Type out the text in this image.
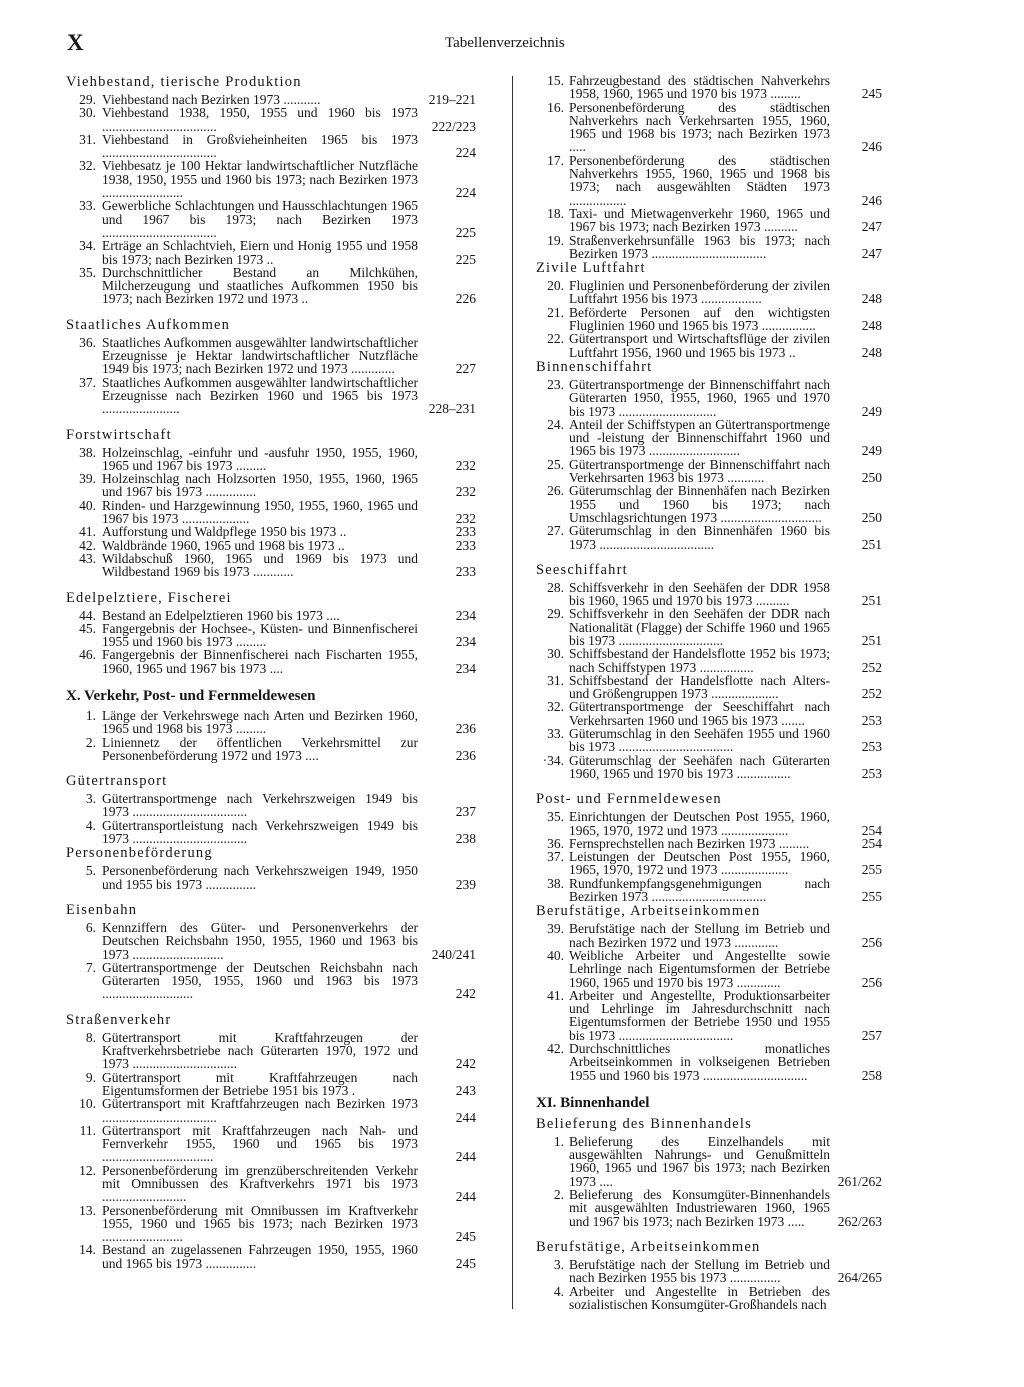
X	Tabellenverzeichnis
Viehbestand, tierische Produktion
29. Viehbestand nach Bezirken 1973 ...........	219–221
30. Viehbestand 1938, 1950, 1955 und 1960 bis 1973 ..................................	222/223
31. Viehbestand in Großvieheinheiten 1965 bis 1973 ..................................	224
32. Viehbesatz je 100 Hektar landwirtschaftlicher Nutzfläche 1938, 1950, 1955 und 1960 bis 1973; nach Bezirken 1973 ........................	224
33. Gewerbliche Schlachtungen und Hausschlachtungen 1965 und 1967 bis 1973; nach Bezirken 1973 ..................................	225
34. Erträge an Schlachtvieh, Eiern und Honig 1955 und 1958 bis 1973; nach Bezirken 1973 ..	225
35. Durchschnittlicher Bestand an Milchkühen, Milcherzeugung und staatliches Aufkommen 1950 bis 1973; nach Bezirken 1972 und 1973 ..	226
Staatliches Aufkommen
36. Staatliches Aufkommen ausgewählter landwirtschaftlicher Erzeugnisse je Hektar landwirtschaftlicher Nutzfläche 1949 bis 1973; nach Bezirken 1972 und 1973 .............	227
37. Staatliches Aufkommen ausgewählter landwirtschaftlicher Erzeugnisse nach Bezirken 1960 und 1965 bis 1973 .......................	228–231
Forstwirtschaft
38. Holzeinschlag, -einfuhr und -ausfuhr 1950, 1955, 1960, 1965 und 1967 bis 1973 .........	232
39. Holzeinschlag nach Holzsorten 1950, 1955, 1960, 1965 und 1967 bis 1973 ...............	232
40. Rinden- und Harzgewinnung 1950, 1955, 1960, 1965 und 1967 bis 1973 ....................	232
41. Aufforstung und Waldpflege 1950 bis 1973 ..	233
42. Waldbrände 1960, 1965 und 1968 bis 1973 ..	233
43. Wildabschuß 1960, 1965 und 1969 bis 1973 und Wildbestand 1969 bis 1973 ............	233
Edelpelztiere, Fischerei
44. Bestand an Edelpelztieren 1960 bis 1973 ....	234
45. Fangergebnis der Hochsee-, Küsten- und Binnenfischerei 1955 und 1960 bis 1973 .........	234
46. Fangergebnis der Binnenfischerei nach Fischarten 1955, 1960, 1965 und 1967 bis 1973 ....	234
X. Verkehr, Post- und Fernmeldewesen
1. Länge der Verkehrswege nach Arten und Bezirken 1960, 1965 und 1968 bis 1973 .........	236
2. Liniennetz der öffentlichen Verkehrsmittel zur Personenbeförderung 1972 und 1973 ....	236
Gütertransport
3. Gütertransportmenge nach Verkehrszweigen 1949 bis 1973 ..................................	237
4. Gütertransportleistung nach Verkehrszweigen 1949 bis 1973 ..................................	238
Personenbeförderung
5. Personenbeförderung nach Verkehrszweigen 1949, 1950 und 1955 bis 1973 ...............	239
Eisenbahn
6. Kennziffern des Güter- und Personenverkehrs der Deutschen Reichsbahn 1950, 1955, 1960 und 1963 bis 1973 ...........................	240/241
7. Gütertransportmenge der Deutschen Reichsbahn nach Güterarten 1950, 1955, 1960 und 1963 bis 1973 ...........................	242
Straßenverkehr
8. Gütertransport mit Kraftfahrzeugen der Kraftverkehrsbetriebe nach Güterarten 1970, 1972 und 1973 ...............................	242
9. Gütertransport mit Kraftfahrzeugen nach Eigentumsformen der Betriebe 1951 bis 1973 .	243
10. Gütertransport mit Kraftfahrzeugen nach Bezirken 1973 ..................................	244
11. Gütertransport mit Kraftfahrzeugen nach Nah- und Fernverkehr 1955, 1960 und 1965 bis 1973 .................................	244
12. Personenbeförderung im grenzüberschreitenden Verkehr mit Omnibussen des Kraftverkehrs 1971 bis 1973 .........................	244
13. Personenbeförderung mit Omnibussen im Kraftverkehr 1955, 1960 und 1965 bis 1973; nach Bezirken 1973 ........................	245
14. Bestand an zugelassenen Fahrzeugen 1950, 1955, 1960 und 1965 bis 1973 ...............	245
15. Fahrzeugbestand des städtischen Nahverkehrs 1958, 1960, 1965 und 1970 bis 1973 .........	245
16. Personenbeförderung des städtischen Nahverkehrs nach Verkehrsarten 1955, 1960, 1965 und 1968 bis 1973; nach Bezirken 1973 .....	246
17. Personenbeförderung des städtischen Nahverkehrs 1955, 1960, 1965 und 1968 bis 1973; nach ausgewählten Städten 1973 .................	246
18. Taxi- und Mietwagenverkehr 1960, 1965 und 1967 bis 1973; nach Bezirken 1973 ..........	247
19. Straßenverkehrsunfälle 1963 bis 1973; nach Bezirken 1973 ..................................	247
Zivile Luftfahrt
20. Fluglinien und Personenbeförderung der zivilen Luftfahrt 1956 bis 1973 ..................	248
21. Beförderte Personen auf den wichtigsten Fluglinien 1960 und 1965 bis 1973 ................	248
22. Gütertransport und Wirtschaftsflüge der zivilen Luftfahrt 1956, 1960 und 1965 bis 1973 ..	248
Binnenschiffahrt
23. Gütertransportmenge der Binnenschiffahrt nach Güterarten 1950, 1955, 1960, 1965 und 1970 bis 1973 .............................	249
24. Anteil der Schiffstypen an Gütertransportmenge und -leistung der Binnenschiffahrt 1960 und 1965 bis 1973 ...........................	249
25. Gütertransportmenge der Binnenschiffahrt nach Verkehrsarten 1963 bis 1973 ...........	250
26. Güterumschlag der Binnenhäfen nach Bezirken 1955 und 1960 bis 1973; nach Umschlagsrichtungen 1973 ..............................	250
27. Güterumschlag in den Binnenhäfen 1960 bis 1973 ..................................	251
Seeschiffahrt
28. Schiffsverkehr in den Seehäfen der DDR 1958 bis 1960, 1965 und 1970 bis 1973 ..........	251
29. Schiffsverkehr in den Seehäfen der DDR nach Nationalität (Flagge) der Schiffe 1960 und 1965 bis 1973 ...............................	251
30. Schiffsbestand der Handelsflotte 1952 bis 1973; nach Schiffstypen 1973 ................	252
31. Schiffsbestand der Handelsflotte nach Alters- und Größengruppen 1973 ....................	252
32. Gütertransportmenge der Seeschiffahrt nach Verkehrsarten 1960 und 1965 bis 1973 .......	253
33. Güterumschlag in den Seehäfen 1955 und 1960 bis 1973 ..................................	253
·34. Güterumschlag der Seehäfen nach Güterarten 1960, 1965 und 1970 bis 1973 ................	253
Post- und Fernmeldewesen
35. Einrichtungen der Deutschen Post 1955, 1960, 1965, 1970, 1972 und 1973 ....................	254
36. Fernsprechstellen nach Bezirken 1973 .........	254
37. Leistungen der Deutschen Post 1955, 1960, 1965, 1970, 1972 und 1973 ....................	255
38. Rundfunkempfangsgenehmigungen nach Bezirken 1973 ..................................	255
Berufstätige, Arbeitseinkommen
39. Berufstätige nach der Stellung im Betrieb und nach Bezirken 1972 und 1973 .............	256
40. Weibliche Arbeiter und Angestellte sowie Lehrlinge nach Eigentumsformen der Betriebe 1960, 1965 und 1970 bis 1973 .............	256
41. Arbeiter und Angestellte, Produktionsarbeiter und Lehrlinge im Jahresdurchschnitt nach Eigentumsformen der Betriebe 1950 und 1955 bis 1973 ..................................	257
42. Durchschnittliches monatliches Arbeitseinkommen in volkseigenen Betrieben 1955 und 1960 bis 1973 ...............................	258
XI. Binnenhandel
Belieferung des Binnenhandels
1. Belieferung des Einzelhandels mit ausgewählten Nahrungs- und Genußmitteln 1960, 1965 und 1967 bis 1973; nach Bezirken 1973 ....	261/262
2. Belieferung des Konsumgüter-Binnenhandels mit ausgewählten Industriewaren 1960, 1965 und 1967 bis 1973; nach Bezirken 1973 .....	262/263
Berufstätige, Arbeitseinkommen
3. Berufstätige nach der Stellung im Betrieb und nach Bezirken 1955 bis 1973 ...............	264/265
4. Arbeiter und Angestellte in Betrieben des sozialistischen Konsumgüter-Großhandels nach
